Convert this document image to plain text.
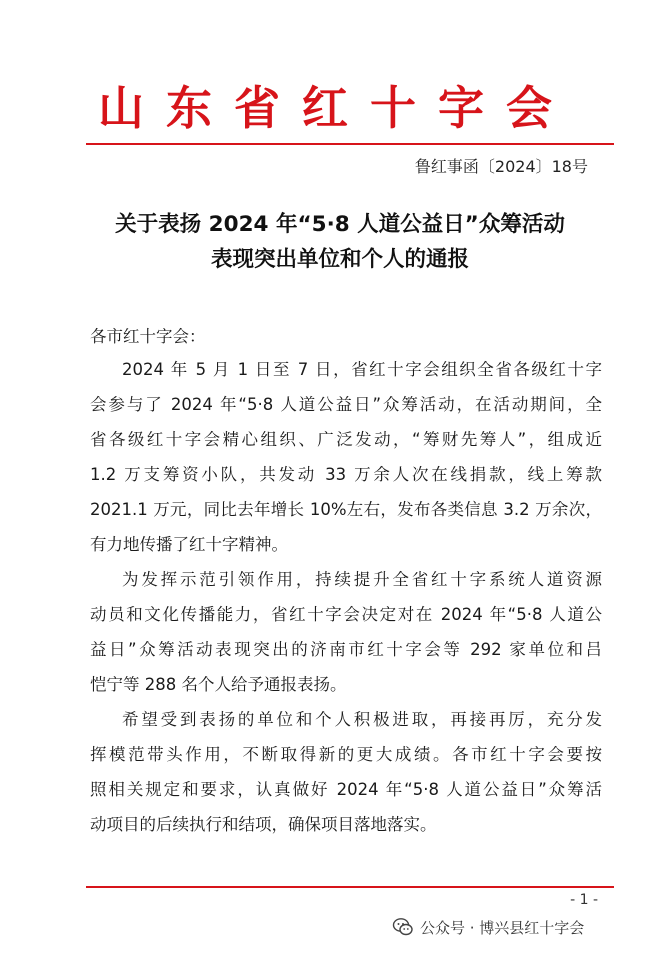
山东省红十字会
鲁红事函〔2024〕18号
关于表扬 2024 年“5·8 人道公益日”众筹活动
表现突出单位和个人的通报
各市红十字会：
2024 年 5 月 1 日至 7 日，省红十字会组织全省各级红十字
会参与了 2024 年“5·8 人道公益日”众筹活动，在活动期间，全
省各级红十字会精心组织、广泛发动，“筹财先筹人”，组成近
1.2 万支筹资小队，共发动 33 万余人次在线捐款，线上筹款
2021.1 万元，同比去年增长 10%左右，发布各类信息 3.2 万余次，
有力地传播了红十字精神。
为发挥示范引领作用，持续提升全省红十字系统人道资源
动员和文化传播能力，省红十字会决定对在 2024 年“5·8 人道公
益日”众筹活动表现突出的济南市红十字会等 292 家单位和吕
恺宁等 288 名个人给予通报表扬。
希望受到表扬的单位和个人积极进取，再接再厉，充分发
挥模范带头作用，不断取得新的更大成绩。各市红十字会要按
照相关规定和要求，认真做好 2024 年“5·8 人道公益日”众筹活
动项目的后续执行和结项，确保项目落地落实。
- 1 -
公众号 · 博兴县红十字会
